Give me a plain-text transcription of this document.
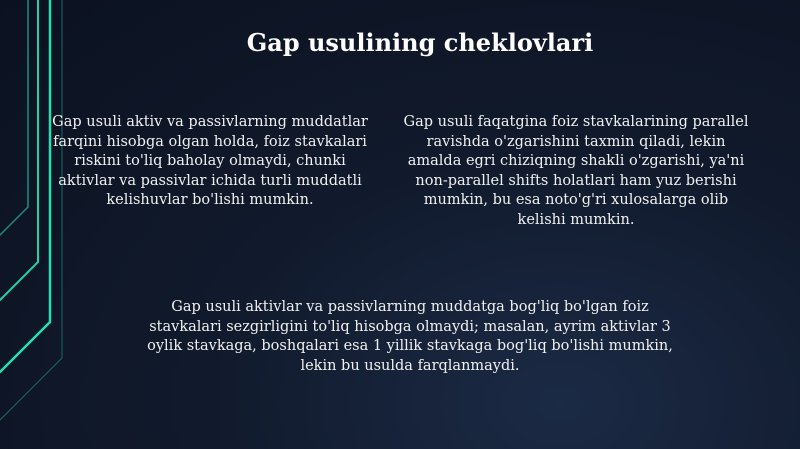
Gap usulining cheklovlari

Gap usuli aktiv va passivlarning muddatlar farqini hisobga olgan holda, foiz stavkalari riskini to'liq baholay olmaydi, chunki aktivlar va passivlar ichida turli muddatli kelishuvlar bo'lishi mumkin.

Gap usuli faqatgina foiz stavkalarining parallel ravishda o'zgarishini taxmin qiladi, lekin amalda egri chiziqning shakli o'zgarishi, ya'ni non-parallel shifts holatlari ham yuz berishi mumkin, bu esa noto'g'ri xulosalarga olib kelishi mumkin.

Gap usuli aktivlar va passivlarning muddatga bog'liq bo'lgan foiz stavkalari sezgirligini to'liq hisobga olmaydi; masalan, ayrim aktivlar 3 oylik stavkaga, boshqalari esa 1 yillik stavkaga bog'liq bo'lishi mumkin, lekin bu usulda farqlanmaydi.
